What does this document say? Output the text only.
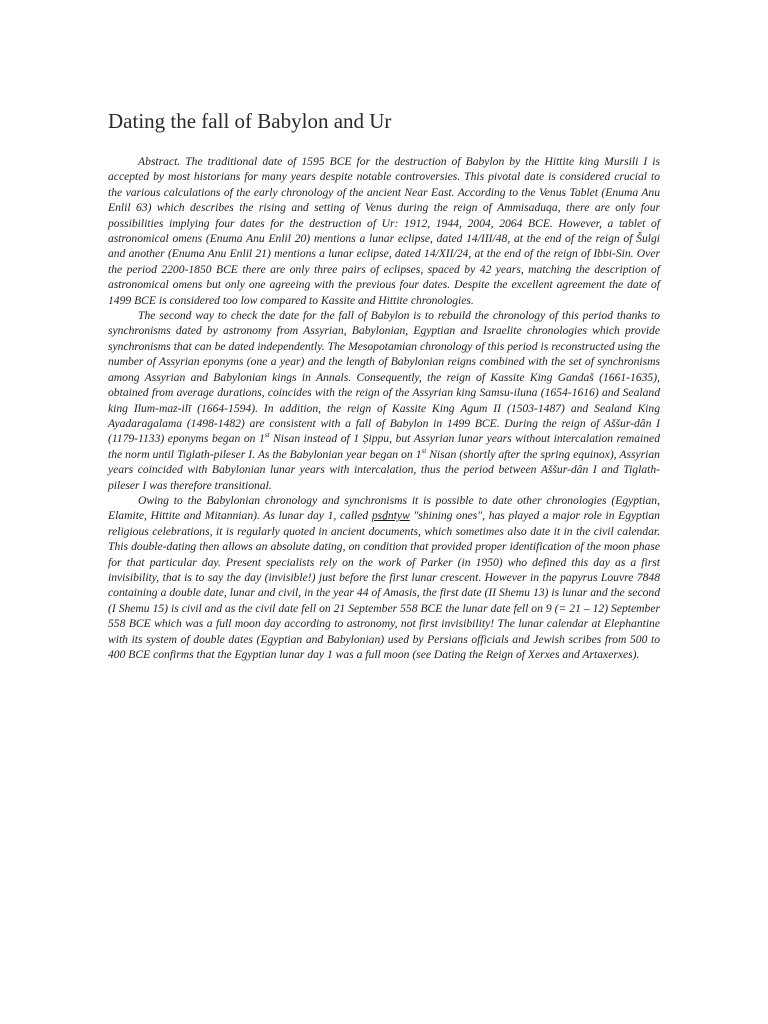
Dating the fall of Babylon and Ur

Abstract. The traditional date of 1595 BCE for the destruction of Babylon by the Hittite king Mursili I is accepted by most historians for many years despite notable controversies. This pivotal date is considered crucial to the various calculations of the early chronology of the ancient Near East. According to the Venus Tablet (Enuma Anu Enlil 63) which describes the rising and setting of Venus during the reign of Ammisaduqa, there are only four possibilities implying four dates for the destruction of Ur: 1912, 1944, 2004, 2064 BCE. However, a tablet of astronomical omens (Enuma Anu Enlil 20) mentions a lunar eclipse, dated 14/III/48, at the end of the reign of Šulgi and another (Enuma Anu Enlil 21) mentions a lunar eclipse, dated 14/XII/24, at the end of the reign of Ibbi-Sin. Over the period 2200-1850 BCE there are only three pairs of eclipses, spaced by 42 years, matching the description of astronomical omens but only one agreeing with the previous four dates. Despite the excellent agreement the date of 1499 BCE is considered too low compared to Kassite and Hittite chronologies.

The second way to check the date for the fall of Babylon is to rebuild the chronology of this period thanks to synchronisms dated by astronomy from Assyrian, Babylonian, Egyptian and Israelite chronologies which provide synchronisms that can be dated independently. The Mesopotamian chronology of this period is reconstructed using the number of Assyrian eponyms (one a year) and the length of Babylonian reigns combined with the set of synchronisms among Assyrian and Babylonian kings in Annals. Consequently, the reign of Kassite King Gandaš (1661-1635), obtained from average durations, coincides with the reign of the Assyrian king Samsu-iluna (1654-1616) and Sealand king Ilum-maz-ilī (1664-1594). In addition, the reign of Kassite King Agum II (1503-1487) and Sealand King Ayadaragalama (1498-1482) are consistent with a fall of Babylon in 1499 BCE. During the reign of Aššur-dân I (1179-1133) eponyms began on 1st Nisan instead of 1 Ṣippu, but Assyrian lunar years without intercalation remained the norm until Tiglath-pileser I. As the Babylonian year began on 1st Nisan (shortly after the spring equinox), Assyrian years coincided with Babylonian lunar years with intercalation, thus the period between Aššur-dân I and Tiglath-pileser I was therefore transitional.

Owing to the Babylonian chronology and synchronisms it is possible to date other chronologies (Egyptian, Elamite, Hittite and Mitannian). As lunar day 1, called psḏntyw "shining ones", has played a major role in Egyptian religious celebrations, it is regularly quoted in ancient documents, which sometimes also date it in the civil calendar. This double-dating then allows an absolute dating, on condition that provided proper identification of the moon phase for that particular day. Present specialists rely on the work of Parker (in 1950) who defined this day as a first invisibility, that is to say the day (invisible!) just before the first lunar crescent. However in the papyrus Louvre 7848 containing a double date, lunar and civil, in the year 44 of Amasis, the first date (II Shemu 13) is lunar and the second (I Shemu 15) is civil and as the civil date fell on 21 September 558 BCE the lunar date fell on 9 (= 21 – 12) September 558 BCE which was a full moon day according to astronomy, not first invisibility! The lunar calendar at Elephantine with its system of double dates (Egyptian and Babylonian) used by Persians officials and Jewish scribes from 500 to 400 BCE confirms that the Egyptian lunar day 1 was a full moon (see Dating the Reign of Xerxes and Artaxerxes).
